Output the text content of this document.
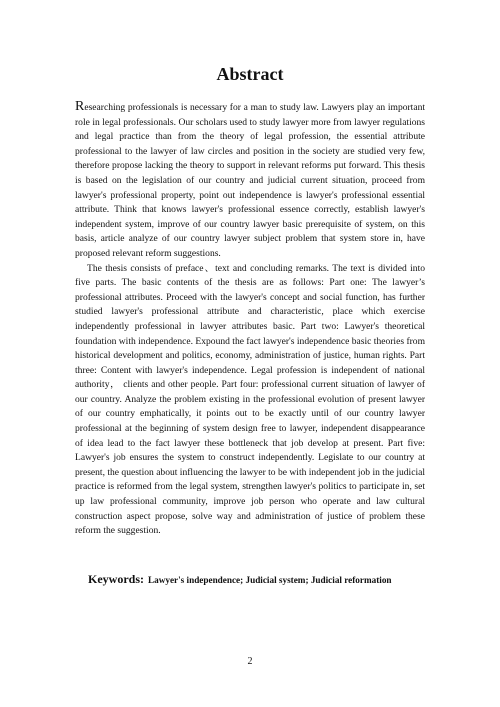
Abstract

Researching professionals is necessary for a man to study law. Lawyers play an important role in legal professionals. Our scholars used to study lawyer more from lawyer regulations and legal practice than from the theory of legal profession, the essential attribute professional to the lawyer of law circles and position in the society are studied very few, therefore propose lacking the theory to support in relevant reforms put forward. This thesis is based on the legislation of our country and judicial current situation, proceed from lawyer's professional property, point out independence is lawyer's professional essential attribute. Think that knows lawyer's professional essence correctly, establish lawyer's independent system, improve of our country lawyer basic prerequisite of system, on this basis, article analyze of our country lawyer subject problem that system store in, have proposed relevant reform suggestions.

The thesis consists of preface、text and concluding remarks. The text is divided into five parts. The basic contents of the thesis are as follows: Part one: The lawyer’s professional attributes. Proceed with the lawyer's concept and social function, has further studied lawyer's professional attribute and characteristic, place which exercise independently professional in lawyer attributes basic. Part two: Lawyer's theoretical foundation with independence. Expound the fact lawyer's independence basic theories from historical development and politics, economy, administration of justice, human rights. Part three: Content with lawyer's independence. Legal profession is independent of national authority， clients and other people. Part four: professional current situation of lawyer of our country. Analyze the problem existing in the professional evolution of present lawyer of our country emphatically, it points out to be exactly until of our country lawyer professional at the beginning of system design free to lawyer, independent disappearance of idea lead to the fact lawyer these bottleneck that job develop at present. Part five: Lawyer's job ensures the system to construct independently. Legislate to our country at present, the question about influencing the lawyer to be with independent job in the judicial practice is reformed from the legal system, strengthen lawyer's politics to participate in, set up law professional community, improve job person who operate and law cultural construction aspect propose, solve way and administration of justice of problem these reform the suggestion.

Keywords: Lawyer's independence; Judicial system; Judicial reformation
2
